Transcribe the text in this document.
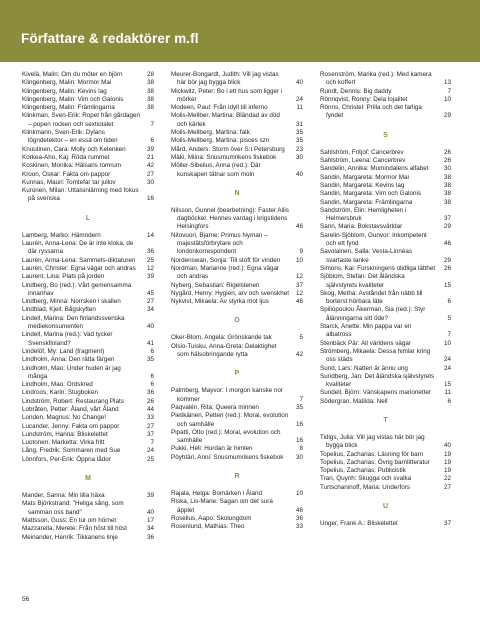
Författare & redaktörer m.fl
Kivelä, Malin: Om du möter en björn	28
Klingenberg, Malin: Mormor Mai	38
Klingenberg, Malin: Kevins lag	38
Klingenberg, Malin: Vim och Galonis	38
Klingenberg, Malin: Främlingarna	38
Klinkman, Sven-Erik: Ropet från gårdagen – popen rocken och sextiotalet	7
Klinkmann, Sven-Erik: Dylans lögndetektor – en essä om tiden	6
Knuutinen, Cara: Molly och Kelenken	39
Korkea-Aho, Kaj: Röda rummet	21
Koskinen, Monika: Hälsans tomrum	42
Kroon, Oskar: Fakta om pappor	27
Kunnas, Mauri: Tomtefar tar jullov	30
Kuronen, Milan: Uttalsinlärning med fokus på svenska	16
L
Lamberg, Marko: Hämndern	14
Laurén, Anna-Lena: De är inte kloka, de där ryssarna	36
Laurén, Anna-Lena: Sammets-diktaturen 25
Laurén, Christer: Egna vägar och andras 12
Laurent, Lina: Plats på jorden	39
Lindberg, Bo (red.): Vårt gemensamma innanhav	45
Lindberg, Minna: Norrsken i skallen	27
Lindblad, Kjell: Bågskytten	34
Lindell, Marina: Den finlandssvenska mediekonsumenten	40
Lindell, Marina (red.): Vad tycker Svenskfinland?	41
Lindelöf, My: Land (fragment)	6
Lindholm, Anna: Den rätta färgen	35
Lindholm, Mao: Under huden är jag många	6
Lindholm, Mao: Ordskred	6
Lindroos, Karin: Stugboken	36
Lindström, Robert: Restaurang Plats	26
Lobråten, Petter: Åland, vårt Åland	44
Londen, Magnus: No Change!	33
Lucander, Jenny: Fakta om pappor	27
Lundström, Hanna: Bliskelettet	37
Luotonen, Marketta: Virka fritt	7
Lång, Fredrik: Sommaren med Sue	24
Lönnfors, Per-Erik: Öppna lådor	25
M
Mander, Sanna: Min lilla häxa	39
Mats Björkstrand: "Heliga sång, som samman oss band"	40
Mattsson, Guss: En tur om hörnet	17
Mazzarella, Merete: Från höst till höst	34
Meinander, Henrik: Tikkanens linje	36
Meurer-Bongardt, Judith: Vill jag vistas här bör jag bygga blick	40
Mickwitz, Peter: Bo i ett hus som ligger i mörker	24
Modeen, Paul: Från idyll till inferno	11
Molis-Mellber, Martina: Bländad av död och kärlek	31
Molis-Mellberg, Martina: falk	35
Molis-Mellberg, Martina: pisces szn	35
Mård, Anders: Storm över S:t Petersburg 23
Mäki, Miina: Snusmumrikens fiskebok	30
Möller-Sibelius, Anna (red.): Där kunskapen tätnar som moln	40
N
Nilsson, Gunnel (bearbetning): Faster Ailis dagböcker. Hennes vardag i krigstidens Helsingfors	46
Nitovuori, Bjarne: Primus Nyman – majestätsförbrytare och londonkorrespondent	9
Nordenswan, Sonja: Till stoft för vinden	10
Nordman, Marianne (red.): Egna vägar och andras	12
Nyberg, Sebastian: Rigelstenen	37
Nygård, Henry: Hygien, arv och svenskhet 12
Nykvist, Mikaela: Av styrka mot ljus	46
O
Oker-Blom, Angela: Grönskande tak	5
Olsio-Tuisku, Anna-Greta: Delaktighet som hälsobringande rytta	42
P
Palmberg, Mayvor: I morgon kanske nor kommer	7
Paqvalén, Rita: Queera minnen	35
Pietikäinen, Petteri (red.): Moral, evolution och samhälle	16
Pipatti, Otto (red.): Moral, evolution och samhälle	16
Pukki, Heli: Hurdan är himlen	8
Pöyhtäri, Anni: Snusmumrikens fiskebok 30
R
Rajala, Helga: Bomärken i Åland	10
Riska, Lis-Marie: Sagan om det sura äpplet	46
Roselius, Aapo: Skolungdom	36
Rosenlund, Mathias: Theo	33
Rosenström, Marika (red.): Med kamera och koffert	13
Rundt, Dennis: Big daddy	7
Rönnqvist, Ronny: Dela lojalitet	10
Rönns, Christel: Prilla och det farliga fyndet	29
S
Sahlström, Fritjof: Cancerbrev	26
Sahlström, Leena: Cancerbrev	26
Sandelin, Annika: Mumindalens alfabet 30
Sandin, Margareta: Mormor Mai	38
Sandin, Margareta: Kevins lag	38
Sandin, Margareta: Vim och Galonis	38
Sandin, Margareta: Främlingarna	38
Sandström, Elin: Hemligheten i Helmersbruk	37
Sann, Maria: Bokstavsvärldar	29
Sarelin-Sjöblom, Gunvor: Inkompetent och ett fynd	46
Savolainen, Salla: Vesta-Linnéas svartaste tanke	29
Simons, Kai: Forskningens olidliga lätthet 26
Sjöblom, Stefan: Det åländska självstyrets kvaliteter	15
Skog, Metha: Avståndet från näbb till borterst hörbara läte	6
Spiliopoulou Åkerman, Sia (red.): Styr ålänningarna sitt öde?	5
Starck, Anette: Min pappa var en albatross	7
Stenbäck Pär: All världens vägar	10
Strömberg, Mikaela: Dessa himlar kring oss städs	24
Sund, Lars: Natten är ännu ung	24
Sundberg, Jan: Det åländska självstyrets kvaliteter	15
Sundell, Björn: Vänskapens marionetter 11
Södergran, Matilda: Nell	6
T
Tidigs, Julia: Vill jag vistas här bör jag bygga blick	40
Topelius, Zacharias: Läsning för barn	19
Topelius, Zacharias: Övrig barnlitteratur 19
Topelius, Zacharias: Publicistik	19
Tran, Quynh: Skugga och svalka	22
Turtschaninoff, Maria: Underfors	27
U
Unger, Frank A.: Bliskelettet	37
56
